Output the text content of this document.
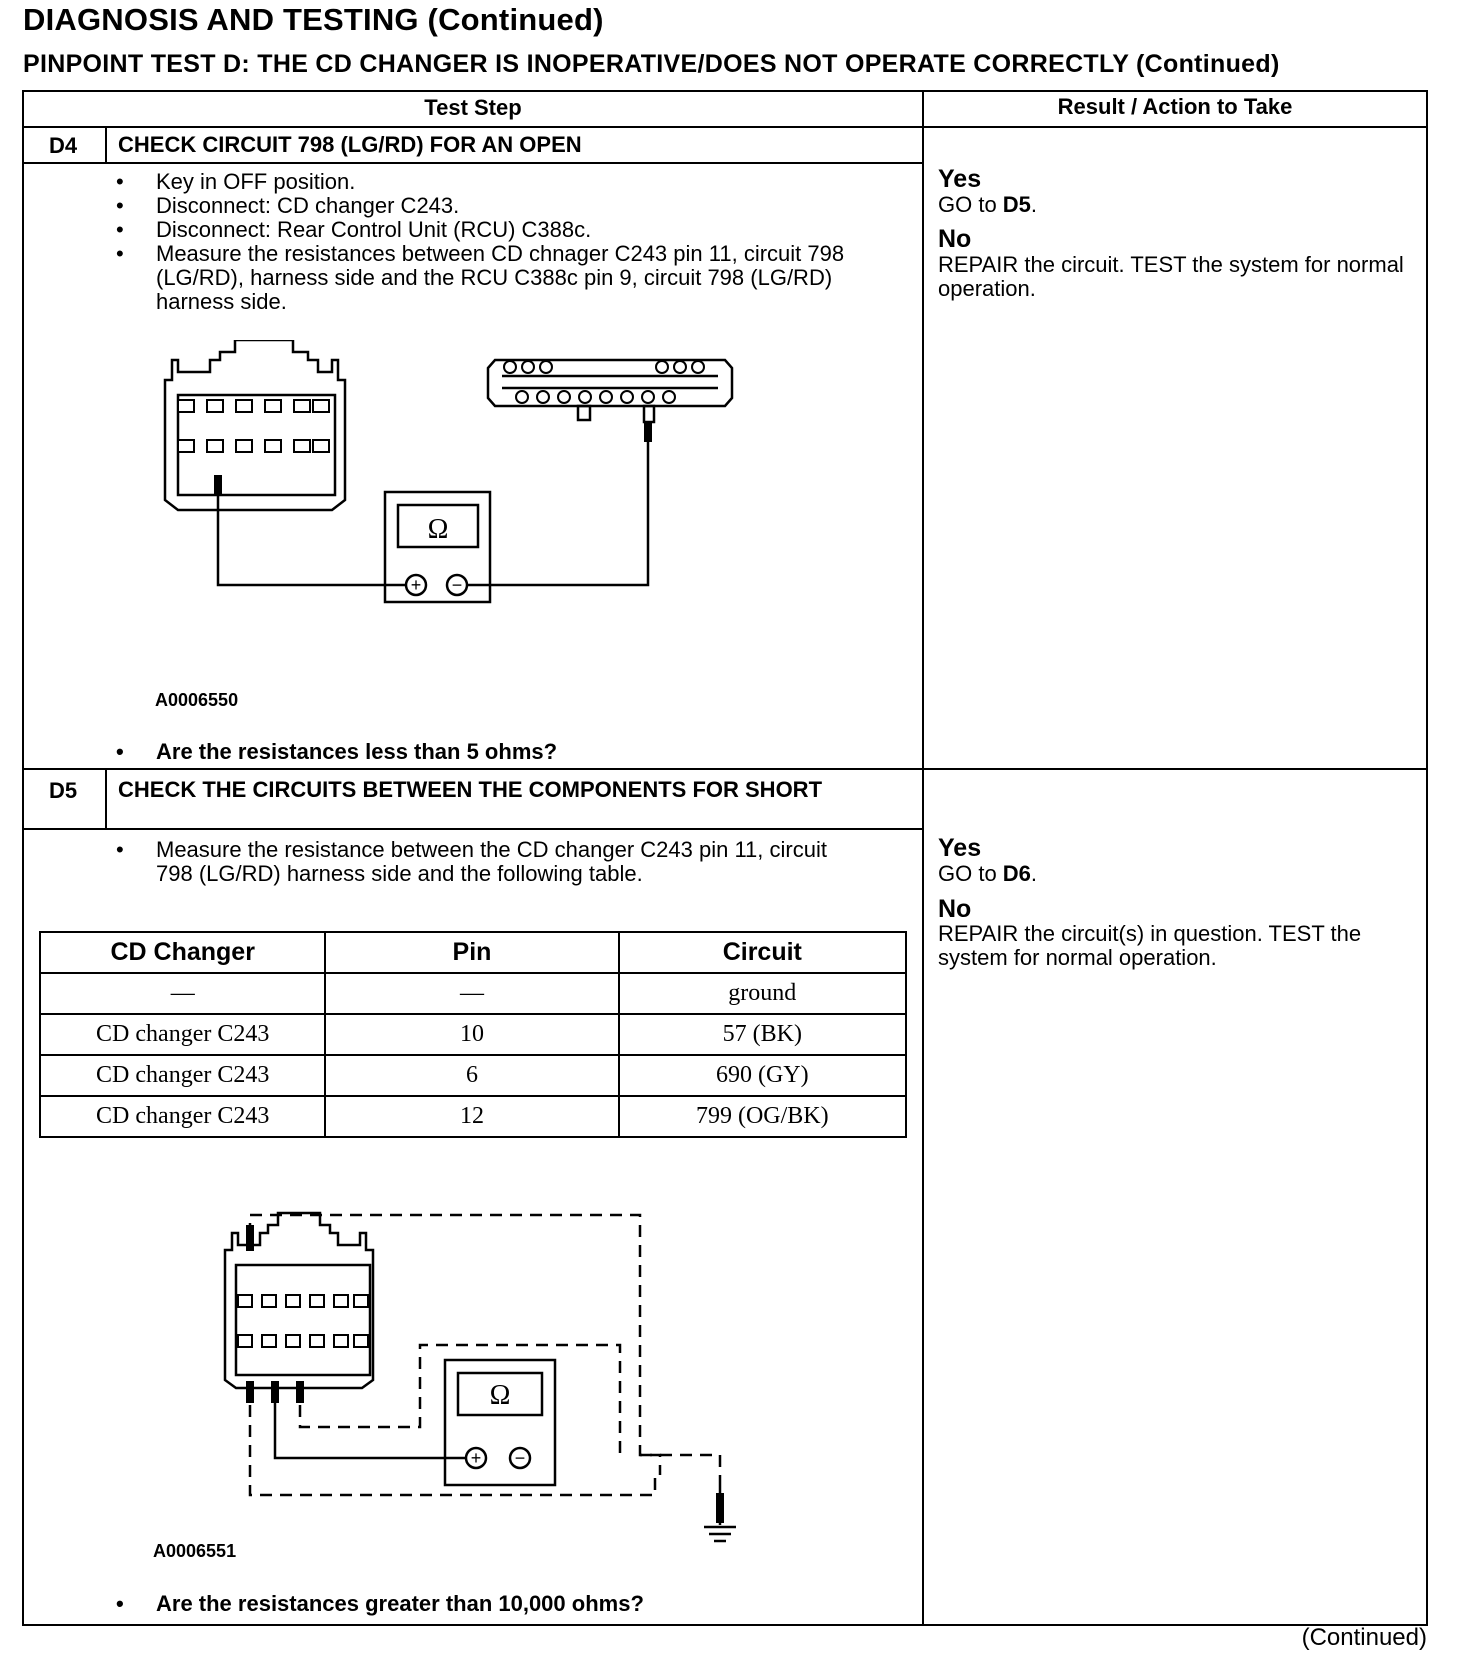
DIAGNOSIS AND TESTING (Continued)
PINPOINT TEST D: THE CD CHANGER IS INOPERATIVE/DOES NOT OPERATE CORRECTLY (Continued)
Test Step	Result / Action to Take
D4 CHECK CIRCUIT 798 (LG/RD) FOR AN OPEN
• Key in OFF position.
• Disconnect: CD changer C243.
• Disconnect: Rear Control Unit (RCU) C388c.
• Measure the resistances between CD chnager C243 pin 11, circuit 798 (LG/RD), harness side and the RCU C388c pin 9, circuit 798 (LG/RD) harness side.
Ω
+ −
A0006550
• Are the resistances less than 5 ohms?
Yes
GO to D5.
No
REPAIR the circuit. TEST the system for normal operation.
D5 CHECK THE CIRCUITS BETWEEN THE COMPONENTS FOR SHORT
• Measure the resistance between the CD changer C243 pin 11, circuit 798 (LG/RD) harness side and the following table.
CD Changer	Pin	Circuit
—	—	ground
CD changer C243	10	57 (BK)
CD changer C243	6	690 (GY)
CD changer C243	12	799 (OG/BK)
Ω
+ −
A0006551
• Are the resistances greater than 10,000 ohms?
Yes
GO to D6.
No
REPAIR the circuit(s) in question. TEST the system for normal operation.
(Continued)
